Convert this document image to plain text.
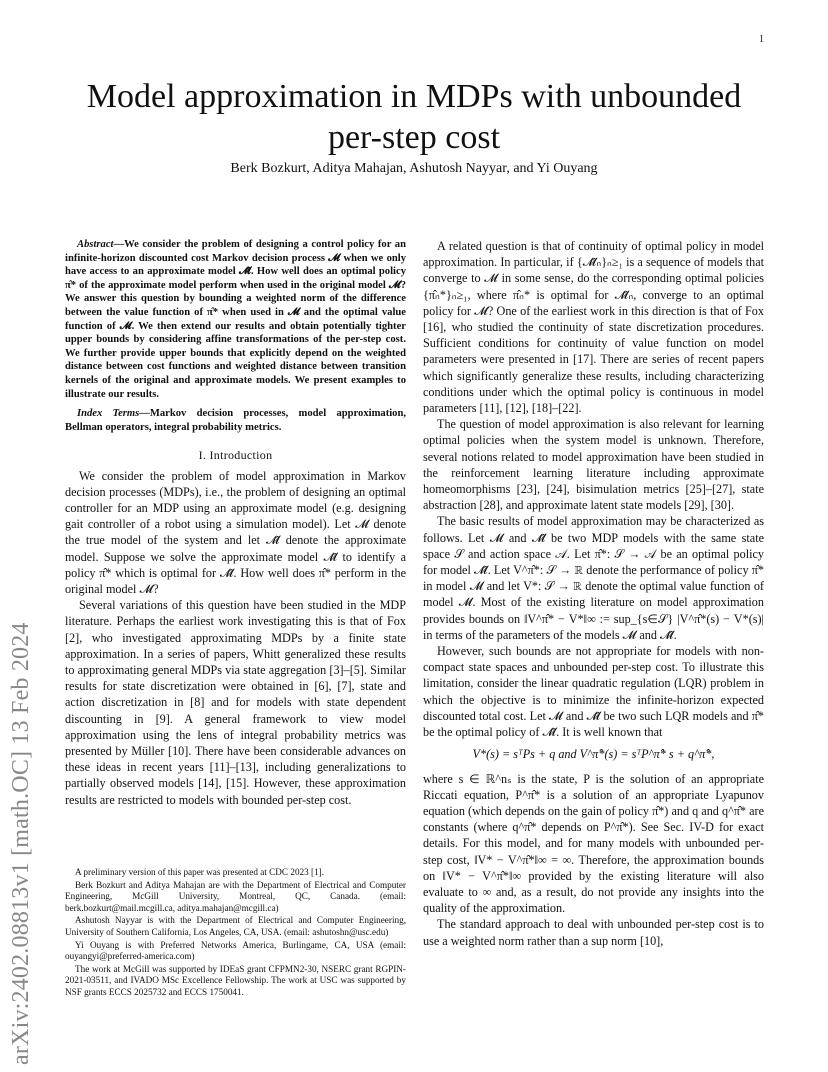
1
arXiv:2402.08813v1 [math.OC] 13 Feb 2024
Model approximation in MDPs with unbounded
per-step cost
Berk Bozkurt, Aditya Mahajan, Ashutosh Nayyar, and Yi Ouyang

Abstract—We consider the problem of designing a control policy for an infinite-horizon discounted cost Markov decision process 𝓜 when we only have access to an approximate model 𝓜̂. How well does an optimal policy π̂* of the approximate model perform when used in the original model 𝓜? We answer this question by bounding a weighted norm of the difference between the value function of π̂* when used in 𝓜 and the optimal value function of 𝓜. We then extend our results and obtain potentially tighter upper bounds by considering affine transformations of the per-step cost. We further provide upper bounds that explicitly depend on the weighted distance between cost functions and weighted distance between transition kernels of the original and approximate models. We present examples to illustrate our results.

Index Terms—Markov decision processes, model approximation, Bellman operators, integral probability metrics.

I. Introduction

We consider the problem of model approximation in Markov decision processes (MDPs), i.e., the problem of designing an optimal controller for an MDP using an approximate model (e.g. designing gait controller of a robot using a simulation model). Let 𝓜 denote the true model of the system and let 𝓜̂ denote the approximate model. Suppose we solve the approximate model 𝓜̂ to identify a policy π̂* which is optimal for 𝓜̂. How well does π̂* perform in the original model 𝓜?

Several variations of this question have been studied in the MDP literature. Perhaps the earliest work investigating this is that of Fox [2], who investigated approximating MDPs by a finite state approximation. In a series of papers, Whitt generalized these results to approximating general MDPs via state aggregation [3]–[5]. Similar results for state discretization were obtained in [6], [7], state and action discretization in [8] and for models with state dependent discounting in [9]. A general framework to view model approximation using the lens of integral probability metrics was presented by Müller [10]. There have been considerable advances on these ideas in recent years [11]–[13], including generalizations to partially observed models [14], [15]. However, these approximation results are restricted to models with bounded per-step cost.

A preliminary version of this paper was presented at CDC 2023 [1].

Berk Bozkurt and Aditya Mahajan are with the Department of Electrical and Computer Engineering, McGill University, Montreal, QC, Canada. (email: berk.bozkurt@mail.mcgill.ca, aditya.mahajan@mcgill.ca)

Ashutosh Nayyar is with the Department of Electrical and Computer Engineering, University of Southern California, Los Angeles, CA, USA. (email: ashutoshn@usc.edu)

Yi Ouyang is with Preferred Networks America, Burlingame, CA, USA (email: ouyangyi@preferred-america.com)

The work at McGill was supported by IDEaS grant CFPMN2-30, NSERC grant RGPIN-2021-03511, and IVADO MSc Excellence Fellowship. The work at USC was supported by NSF grants ECCS 2025732 and ECCS 1750041.

A related question is that of continuity of optimal policy in model approximation. In particular, if {𝓜̂ₙ}ₙ≥₁ is a sequence of models that converge to 𝓜 in some sense, do the corresponding optimal policies {π̂ₙ*}ₙ≥₁, where π̂ₙ* is optimal for 𝓜̂ₙ, converge to an optimal policy for 𝓜? One of the earliest work in this direction is that of Fox [16], who studied the continuity of state discretization procedures. Sufficient conditions for continuity of value function on model parameters were presented in [17]. There are series of recent papers which significantly generalize these results, including characterizing conditions under which the optimal policy is continuous in model parameters [11], [12], [18]–[22].

The question of model approximation is also relevant for learning optimal policies when the system model is unknown. Therefore, several notions related to model approximation have been studied in the reinforcement learning literature including approximate homeomorphisms [23], [24], bisimulation metrics [25]–[27], state abstraction [28], and approximate latent state models [29], [30].

The basic results of model approximation may be characterized as follows. Let 𝓜 and 𝓜̂ be two MDP models with the same state space 𝒮 and action space 𝒜. Let π̂*: 𝒮 → 𝒜 be an optimal policy for model 𝓜̂. Let V^π̂*: 𝒮 → ℝ denote the performance of policy π̂* in model 𝓜 and let V*: 𝒮 → ℝ denote the optimal value function of model 𝓜. Most of the existing literature on model approximation provides bounds on ‖V^π̂* − V*‖∞ := sup_{s∈𝒮} |V^π̂*(s) − V*(s)| in terms of the parameters of the models 𝓜 and 𝓜̂.

However, such bounds are not appropriate for models with non-compact state spaces and unbounded per-step cost. To illustrate this limitation, consider the linear quadratic regulation (LQR) problem in which the objective is to minimize the infinite-horizon expected discounted total cost. Let 𝓜 and 𝓜̂ be two such LQR models and π̂* be the optimal policy of 𝓜̂. It is well known that

V*(s) = sᵀPs + q and V^π̂*(s) = sᵀP^π̂* s + q^π̂*,

where s ∈ ℝ^nₛ is the state, P is the solution of an appropriate Riccati equation, P^π̂* is a solution of an appropriate Lyapunov equation (which depends on the gain of policy π̂*) and q and q^π̂* are constants (where q^π̂* depends on P^π̂*). See Sec. IV-D for exact details. For this model, and for many models with unbounded per-step cost, ‖V* − V^π̂*‖∞ = ∞. Therefore, the approximation bounds on ‖V* − V^π̂*‖∞ provided by the existing literature will also evaluate to ∞ and, as a result, do not provide any insights into the quality of the approximation.

The standard approach to deal with unbounded per-step cost is to use a weighted norm rather than a sup norm [10],
